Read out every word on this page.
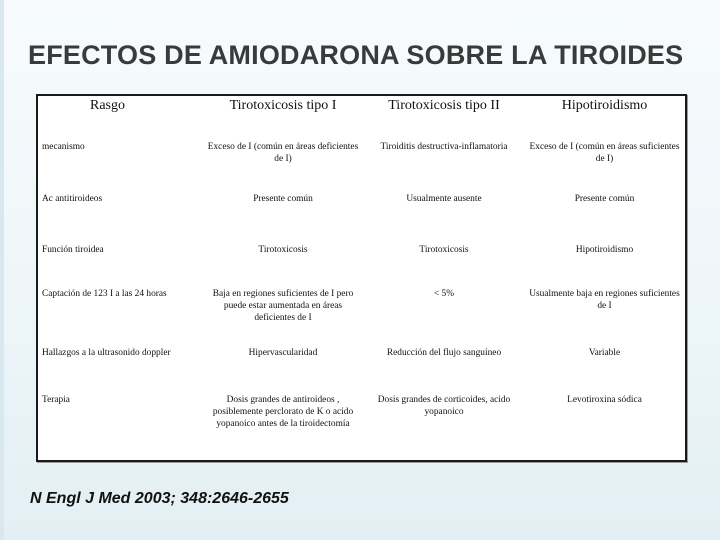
EFECTOS DE AMIODARONA SOBRE LA TIROIDES
Rasgo	Tirotoxicosis tipo I	Tirotoxicosis tipo II	Hipotiroidismo
mecanismo	Exceso de I (común en áreas deficientes de I)	Tiroiditis destructiva-inflamatoria	Exceso de I (común en áreas suficientes de I)
Ac antitiroideos	Presente común	Usualmente ausente	Presente común
Función tiroidea	Tirotoxicosis	Tirotoxicosis	Hipotiroidismo
Captación de 123 I a las 24 horas	Baja en regiones suficientes de I pero puede estar aumentada en áreas deficientes de I	< 5%	Usualmente baja en regiones suficientes de I
Hallazgos a la ultrasonido doppler	Hipervascularidad	Reducción del flujo sanguíneo	Variable
Terapia	Dosis grandes de antiroideos , posiblemente perclorato de K o acido yopanoico antes de la tiroidectomía	Dosis grandes de corticoides, acido yopanoico	Levotiroxina sódica
N Engl J Med 2003; 348:2646-2655
